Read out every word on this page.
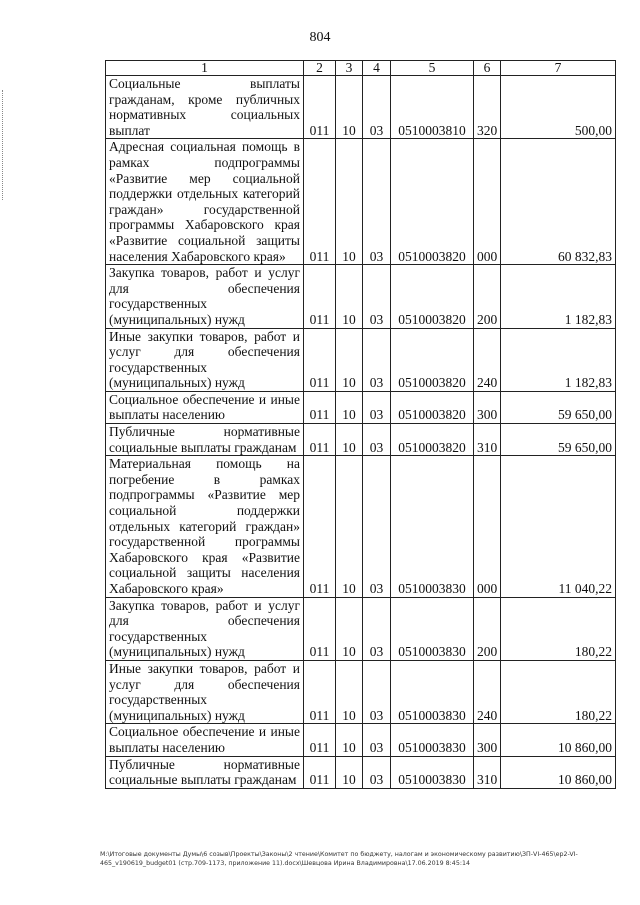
804
1	2	3	4	5	6	7
Социальные выплаты гражданам, кроме публичных нормативных социальных выплат	011	10	03	0510003810	320	500,00
Адресная социальная помощь в рамках подпрограммы «Развитие мер социальной поддержки отдельных категорий граждан» государственной программы Хабаровского края «Развитие социальной защиты населения Хабаровского края»	011	10	03	0510003820	000	60 832,83
Закупка товаров, работ и услуг для обеспечения государственных (муниципальных) нужд	011	10	03	0510003820	200	1 182,83
Иные закупки товаров, работ и услуг для обеспечения государственных (муниципальных) нужд	011	10	03	0510003820	240	1 182,83
Социальное обеспечение и иные выплаты населению	011	10	03	0510003820	300	59 650,00
Публичные нормативные социальные выплаты гражданам	011	10	03	0510003820	310	59 650,00
Материальная помощь на погребение в рамках подпрограммы «Развитие мер социальной поддержки отдельных категорий граждан» государственной программы Хабаровского края «Развитие социальной защиты населения Хабаровского края»	011	10	03	0510003830	000	11 040,22
Закупка товаров, работ и услуг для обеспечения государственных (муниципальных) нужд	011	10	03	0510003830	200	180,22
Иные закупки товаров, работ и услуг для обеспечения государственных (муниципальных) нужд	011	10	03	0510003830	240	180,22
Социальное обеспечение и иные выплаты населению	011	10	03	0510003830	300	10 860,00
Публичные нормативные социальные выплаты гражданам	011	10	03	0510003830	310	10 860,00
М:\Итоговые документы Думы\6 созыв\Проекты\Законы\2 чтение\Комитет по бюджету, налогам и экономическому развитию\ЗП-VI-465\ep2-VI-465_v190619_budget01 (стр.709-1173, приложение 11).docx\Шевцова Ирина Владимировна\17.06.2019 8:45:14
